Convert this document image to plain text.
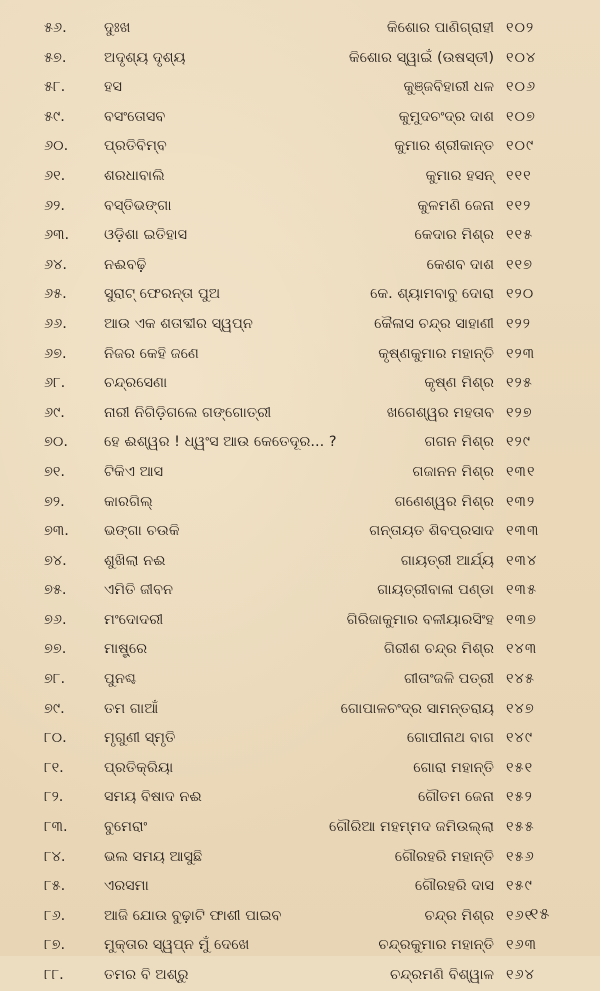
୫୬.	ଦୁଃଖ	କିଶୋର ପାଣିଗ୍ରାହୀ ୧୦୨
୫୭.	ଅଦୃଶ୍ୟ ଦୃଶ୍ୟ	କିଶୋର ସ୍ୱାଇଁ (ଉଷସ୍ତୀ) ୧୦୪
୫୮.	ହସ	କୁଞ୍ଜବିହାରୀ ଧଳ ୧୦୬
୫୯.	ବସଂତୋସବ	କୁମୁଦଚଂଦ୍ର ଦାଶ ୧୦୭
୬୦.	ପ୍ରତିବିମ୍ବ	କୁମାର ଶ୍ରୀକାନ୍ତ ୧୦୯
୬୧.	ଶରଧାବାଲି	କୁମାର ହସନ୍ ୧୧୧
୬୨.	ବସ୍ତିଭଙ୍ଗା	କୁଳମଣି ଜେନା ୧୧୨
୬୩.	ଓଡ଼ିଶା ଇତିହାସ	କେଦାର ମିଶ୍ର ୧୧୫
୬୪.	ନଈବଢ଼ି	କେଶବ ଦାଶ ୧୧୭
୬୫.	ସୁରାଟ୍ ଫେରନ୍ତା ପୁଅ	କେ. ଶ୍ୟାମବାବୁ ଦୋରା ୧୨୦
୬୬.	ଆଉ ଏକ ଶତାବ୍ଦୀର ସ୍ୱପ୍ନ	କୈଳାସ ଚନ୍ଦ୍ର ସାହାଣୀ ୧୨୨
୬୭.	ନିଜର କେହି ଜଣେ	କୃଷ୍ଣକୁମାର ମହାନ୍ତି ୧୨୩
୬୮.	ଚନ୍ଦ୍ରସେଣା	କୃଷ୍ଣ ମିଶ୍ର ୧୨୫
୬୯.	ନାରୀ ନିଗିଡ଼ିଗଲେ ଗଙ୍ଗୋତ୍ରୀ	ଖଗେଶ୍ୱର ମହତାବ ୧୨୭
୭୦.	ହେ ଈଶ୍ୱର ! ଧ୍ୱଂସ ଆଉ କେତେଦୂର... ?	ଗଗନ ମିଶ୍ର ୧୨୯
୭୧.	ଟିକିଏ ଆସ	ଗଜାନନ ମିଶ୍ର ୧୩୧
୭୨.	କାରଗିଲ୍	ଗଣେଶ୍ୱର ମିଶ୍ର ୧୩୨
୭୩.	ଭଙ୍ଗା ଚଉକି	ଗନ୍ତାୟତ ଶିବପ୍ରସାଦ ୧୩୩
୭୪.	ଶୁଖିଲା ନଈ	ଗାୟତ୍ରୀ ଆର୍ଯ୍ୟ ୧୩୪
୭୫.	ଏମିତି ଜୀବନ	ଗାୟତ୍ରୀବାଳା ପଣ୍ଡା ୧୩୫
୭୬.	ମଂଦୋଦରୀ	ଗିରିଜାକୁମାର ବଳୀୟାରସିଂହ ୧୩୭
୭୭.	ମାଷ୍ଟ୍ରେ	ଗିରୀଶ ଚନ୍ଦ୍ର ମିଶ୍ର ୧୪୩
୭୮.	ପୁନଶ୍ଚ	ଗୀତାଂଜଳି ପତ୍ରୀ ୧୪୫
୭୯.	ତମ ଗାଆଁ	ଗୋପାଳଚଂଦ୍ର ସାମନ୍ତରାୟ ୧୪୭
୮୦.	ମୃଗୁଣୀ ସ୍ମୃତି	ଗୋପୀନାଥ ବାଗ ୧୪୯
୮୧.	ପ୍ରତିକ୍ରିୟା	ଗୋରା ମହାନ୍ତି ୧୫୧
୮୨.	ସମୟ ବିଷାଦ ନଈ	ଗୌତମ ଜେନା ୧୫୨
୮୩.	ବୁମେରାଂ	ଗୌରିଆ ମହମ୍ମଦ ଜମିଉଲ୍ଲା ୧୫୫
୮୪.	ଭଲ ସମୟ ଆସୁଛି	ଗୌରହରି ମହାନ୍ତି ୧୫୬
୮୫.	ଏରସମା	ଗୌରହରି ଦାସ ୧୫୯
୮୬.	ଆଜି ଯୋଉ ବୁଢ଼ାଟି ଫାଶୀ ପାଇବ	ଚନ୍ଦ୍ର ମିଶ୍ର ୧୬୧
୮୭.	ମୁକ୍ତାର ସ୍ୱପ୍ନ ମୁଁ ଦେଖେ	ଚନ୍ଦ୍ରକୁମାର ମହାନ୍ତି ୧୬୩
୮୮.	ତମର ବି ଅଶ୍ରୁ	ଚନ୍ଦ୍ରମଣି ବିଶ୍ୱାଳ ୧୬୪
୧୫
